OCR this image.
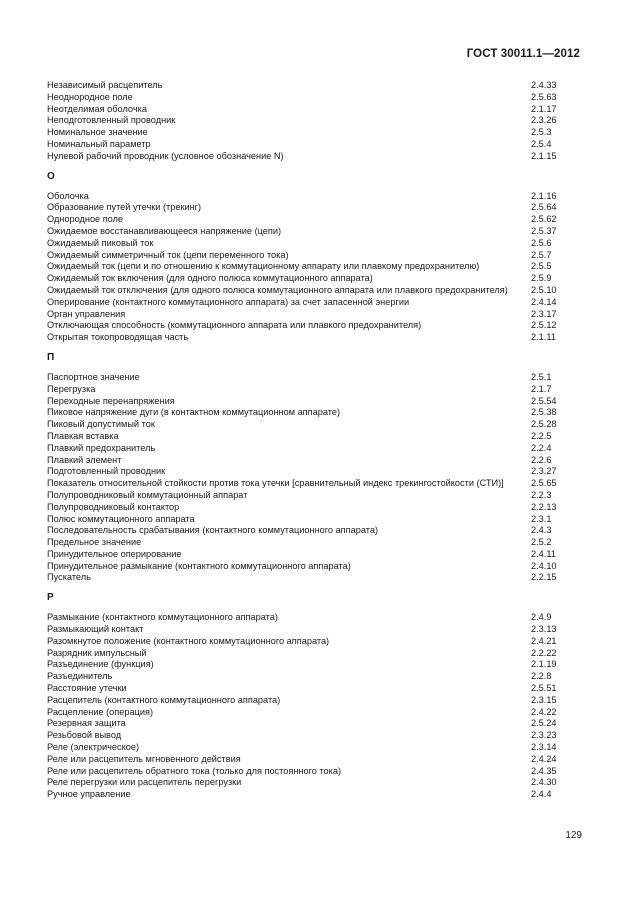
ГОСТ 30011.1—2012
Независимый расцепитель	2.4.33
Неоднородное поле	2.5.63
Неотделимая оболочка	2.1.17
Неподготовленный проводник	2.3.26
Номинальное значение	2.5.3
Номинальный параметр	2.5.4
Нулевой рабочий проводник (условное обозначение N)	2.1.15
О
Оболочка	2.1.16
Образование путей утечки (трекинг)	2.5.64
Однородное поле	2.5.62
Ожидаемое восстанавливающееся напряжение (цепи)	2.5.37
Ожидаемый пиковый ток	2.5.6
Ожидаемый симметричный ток (цепи переменного тока)	2.5.7
Ожидаемый ток (цепи и по отношению к коммутационному аппарату или плавкому предохранителю)	2.5.5
Ожидаемый ток включения (для одного полюса коммутационного аппарата)	2.5.9
Ожидаемый ток отключения (для одного полюса коммутационного аппарата или плавкого предохранителя)	2.5.10
Оперирование (контактного коммутационного аппарата) за счет запасенной энергии	2.4.14
Орган управления	2.3.17
Отключающая способность (коммутационного аппарата или плавкого предохранителя)	2.5.12
Открытая токопроводящая часть	2.1.11
П
Паспортное значение	2.5.1
Перегрузка	2.1.7
Переходные перенапряжения	2.5.54
Пиковое напряжение дуги (в контактном коммутационном аппарате)	2.5.38
Пиковый допустимый ток	2.5.28
Плавкая вставка	2.2.5
Плавкий предохранитель	2.2.4
Плавкий элемент	2.2.6
Подготовленный проводник	2.3.27
Показатель относительной стойкости против тока утечки [сравнительный индекс трекингостойкости (СТИ)]	2.5.65
Полупроводниковый коммутационный аппарат	2.2.3
Полупроводниковый контактор	2.2.13
Полюс коммутационного аппарата	2.3.1
Последовательность срабатывания (контактного коммутационного аппарата)	2.4.3
Предельное значение	2.5.2
Принудительное оперирование	2.4.11
Принудительное размыкание (контактного коммутационного аппарата)	2.4.10
Пускатель	2.2.15
Р
Размыкание (контактного коммутационного аппарата)	2.4.9
Размыкающий контакт	2.3.13
Разомкнутое положение (контактного коммутационного аппарата)	2.4.21
Разрядник импульсный	2.2.22
Разъединение (функция)	2.1.19
Разъединитель	2.2.8
Расстояние утечки	2.5.51
Расцепитель (контактного коммутационного аппарата)	2.3.15
Расцепление (операция)	2.4.22
Резервная защита	2.5.24
Резьбовой вывод	2.3.23
Реле (электрическое)	2.3.14
Реле или расцепитель мгновенного действия	2.4.24
Реле или расцепитель обратного тока (только для постоянного тока)	2.4.35
Реле перегрузки или расцепитель перегрузки	2.4.30
Ручное управление	2.4.4
129
